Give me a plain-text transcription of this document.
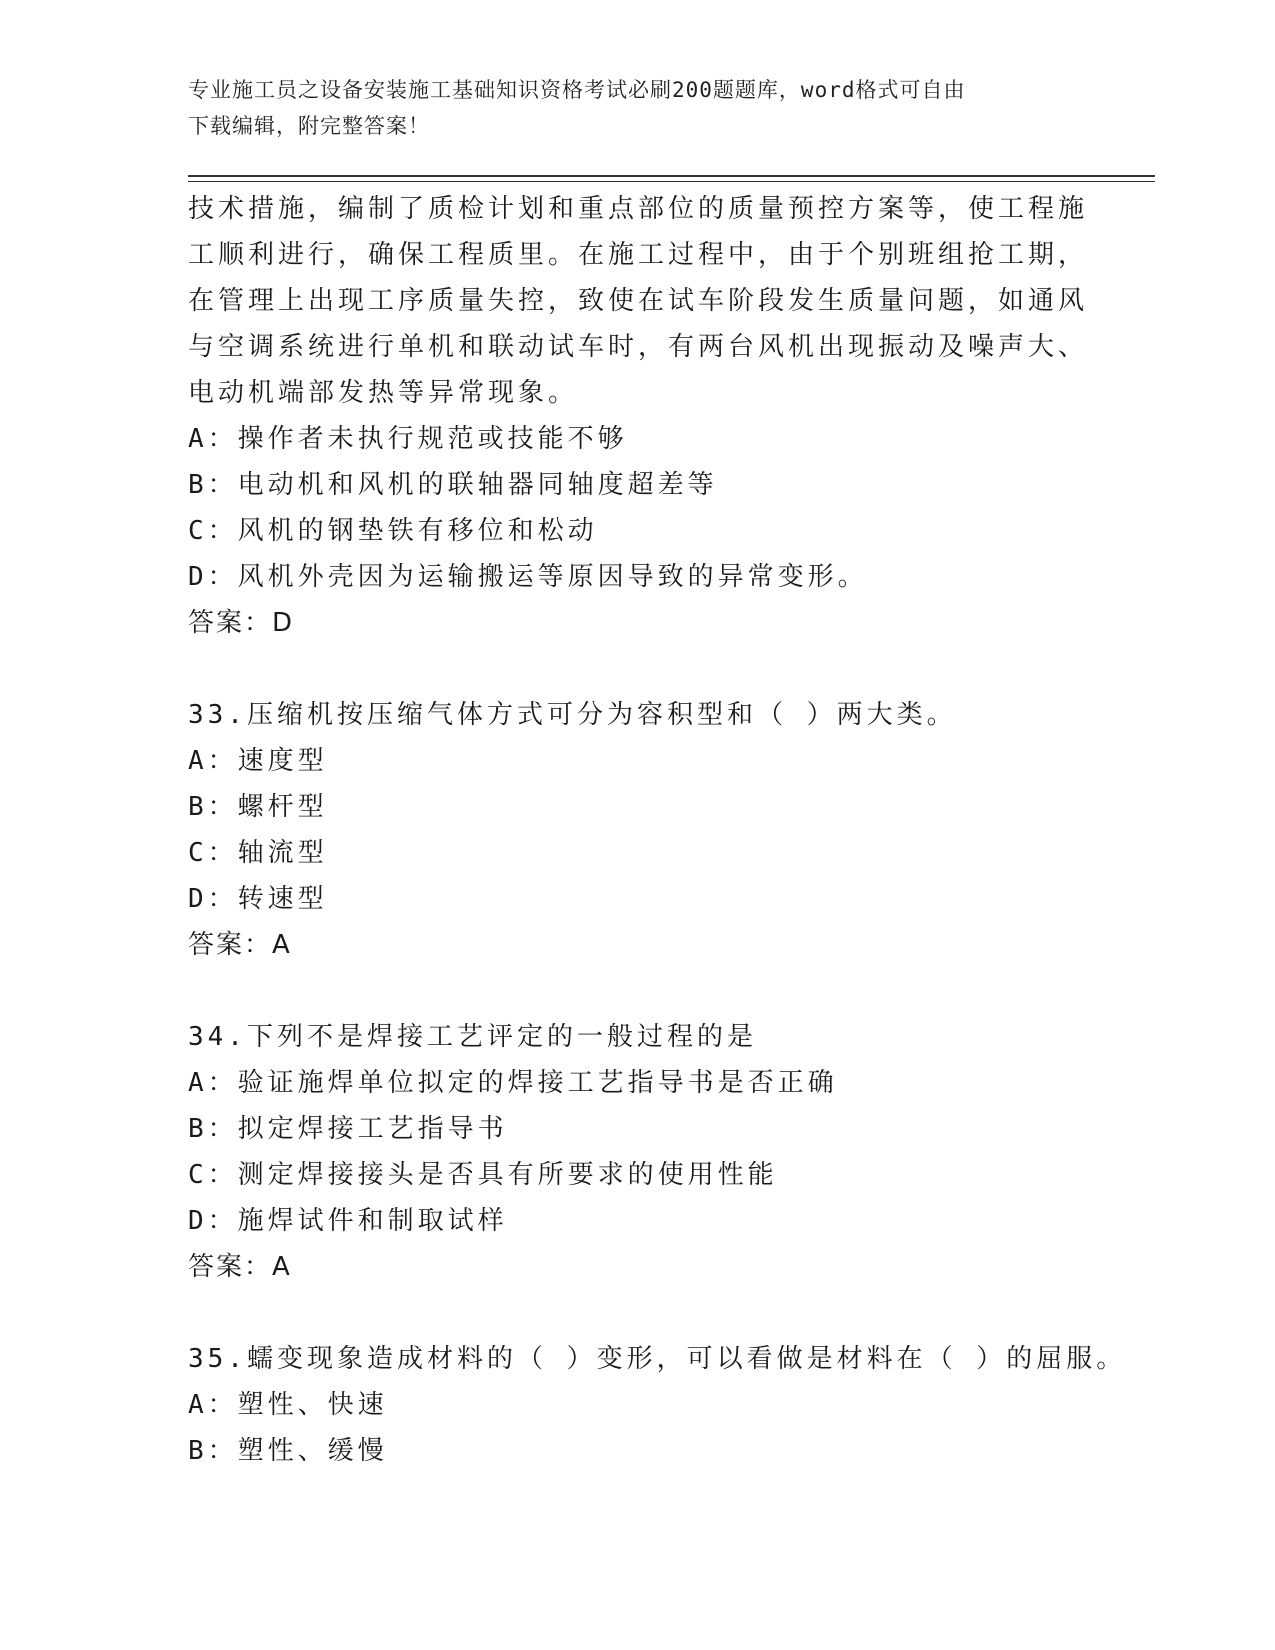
专业施工员之设备安装施工基础知识资格考试必刷200题题库，word格式可自由
下载编辑，附完整答案！
技术措施，编制了质检计划和重点部位的质量预控方案等，使工程施
工顺利进行，确保工程质里。在施工过程中，由于个别班组抢工期，
在管理上出现工序质量失控，致使在试车阶段发生质量问题，如通风
与空调系统进行单机和联动试车时，有两台风机出现振动及噪声大、
电动机端部发热等异常现象。
A：操作者未执行规范或技能不够
B：电动机和风机的联轴器同轴度超差等
C：风机的钢垫铁有移位和松动
D：风机外壳因为运输搬运等原因导致的异常变形。
答案：D
33.压缩机按压缩气体方式可分为容积型和（ ）两大类。
A：速度型
B：螺杆型
C：轴流型
D：转速型
答案：A
34.下列不是焊接工艺评定的一般过程的是
A：验证施焊单位拟定的焊接工艺指导书是否正确
B：拟定焊接工艺指导书
C：测定焊接接头是否具有所要求的使用性能
D：施焊试件和制取试样
答案：A
35.蠕变现象造成材料的（ ）变形，可以看做是材料在（ ）的屈服。
A：塑性、快速
B：塑性、缓慢
